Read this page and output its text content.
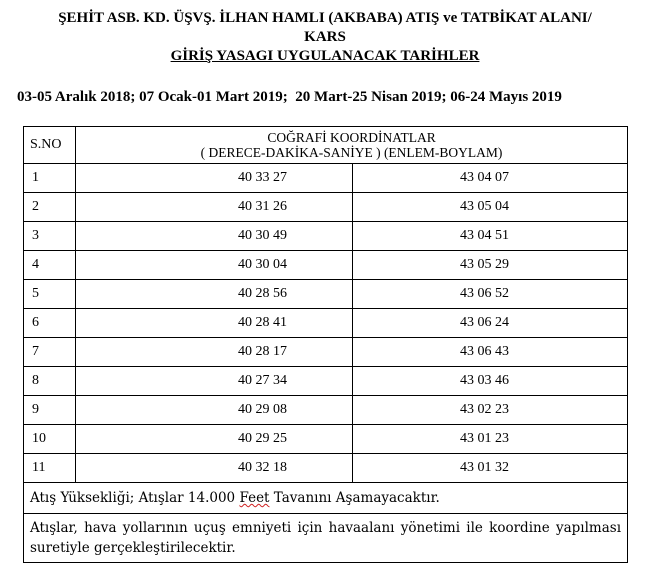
ŞEHİT ASB. KD. ÜŞVŞ. İLHAN HAMLI (AKBABA) ATIŞ ve TATBİKAT ALANI/
KARS
GİRİŞ YASAGI UYGULANACAK TARİHLER
03-05 Aralık 2018; 07 Ocak-01 Mart 2019;  20 Mart-25 Nisan 2019; 06-24 Mayıs 2019
S.NO	COĞRAFİ KOORDİNATLAR
( DERECE-DAKİKA-SANİYE ) (ENLEM-BOYLAM)	

1	40 33 27	43 04 07
2	40 31 26	43 05 04
3	40 30 49	43 04 51
4	40 30 04	43 05 29
5	40 28 56	43 06 52
6	40 28 41	43 06 24
7	40 28 17	43 06 43
8	40 27 34	43 03 46
9	40 29 08	43 02 23
10	40 29 25	43 01 23
11	40 32 18	43 01 32
Atış Yüksekliği; Atışlar 14.000 Feet Tavanını Aşamayacaktır.		
Atışlar, hava yollarının uçuş emniyeti için havaalanı yönetimi ile koordine yapılması suretiyle gerçekleştirilecektir.		
